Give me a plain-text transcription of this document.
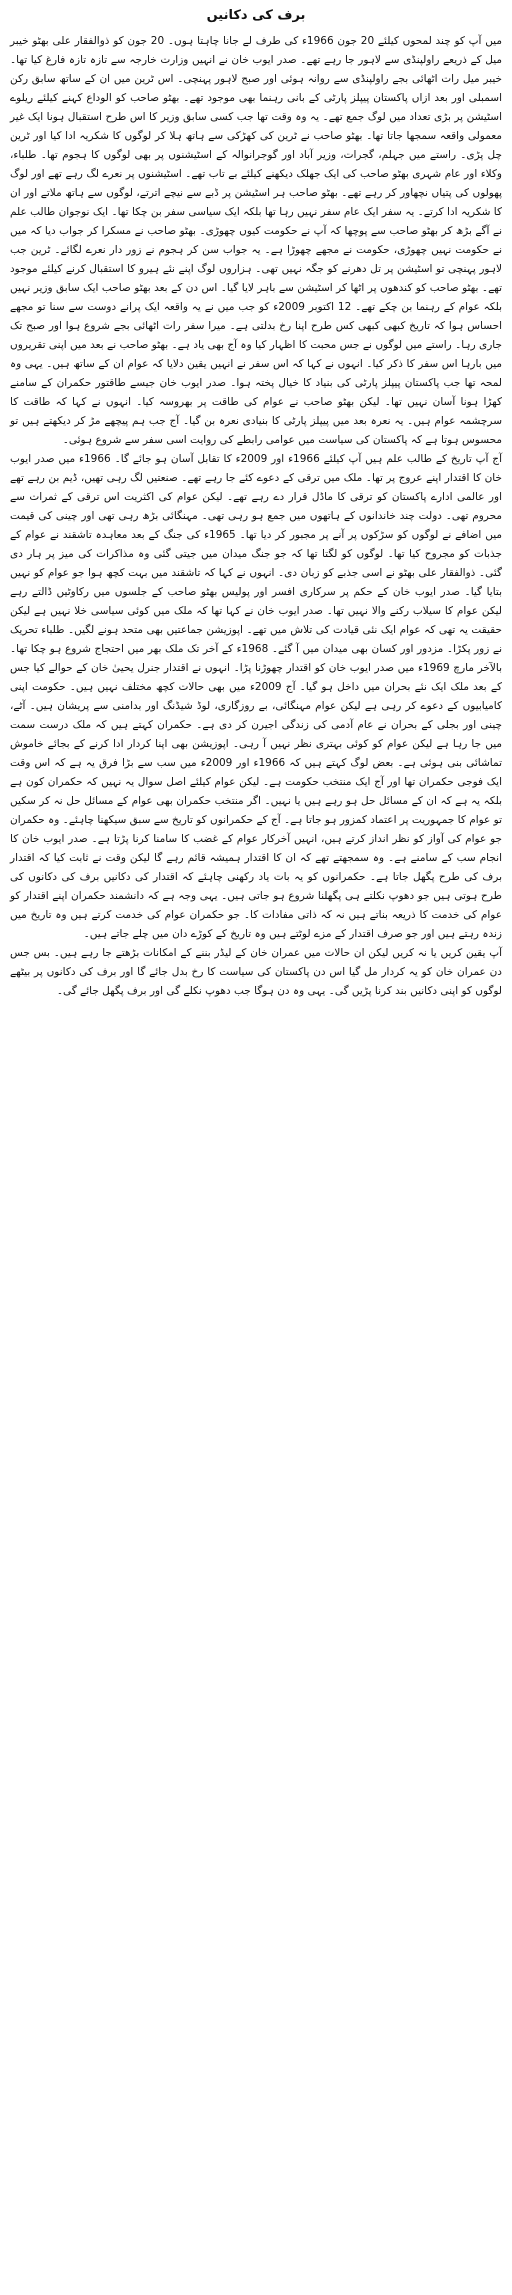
برف کی دکانیں

میں آپ کو چند لمحوں کیلئے 20 جون 1966ء کی طرف لے جانا چاہتا ہوں۔ 20 جون کو ذوالفقار علی بھٹو خیبر میل کے ذریعے راولپنڈی سے لاہور جا رہے تھے۔ صدر ایوب خان نے انہیں وزارت خارجہ سے تازہ تازہ فارغ کیا تھا۔ خیبر میل رات اٹھائی بجے راولپنڈی سے روانہ ہوئی اور صبح لاہور پہنچی۔ اس ٹرین میں ان کے ساتھ سابق رکن اسمبلی اور بعد ازاں پاکستان پیپلز پارٹی کے بانی رہنما بھی موجود تھے۔ بھٹو صاحب کو الوداع کہنے کیلئے ریلوے اسٹیشن پر بڑی تعداد میں لوگ جمع تھے۔ یہ وہ وقت تھا جب کسی سابق وزیر کا اس طرح استقبال ہونا ایک غیر معمولی واقعہ سمجھا جاتا تھا۔ بھٹو صاحب نے ٹرین کی کھڑکی سے ہاتھ ہلا کر لوگوں کا شکریہ ادا کیا اور ٹرین چل پڑی۔ راستے میں جہلم، گجرات، وزیر آباد اور گوجرانوالہ کے اسٹیشنوں پر بھی لوگوں کا ہجوم تھا۔ طلباء، وکلاء اور عام شہری بھٹو صاحب کی ایک جھلک دیکھنے کیلئے بے تاب تھے۔ اسٹیشنوں پر نعرے لگ رہے تھے اور لوگ پھولوں کی پتیاں نچھاور کر رہے تھے۔ بھٹو صاحب ہر اسٹیشن پر ڈبے سے نیچے اترتے، لوگوں سے ہاتھ ملاتے اور ان کا شکریہ ادا کرتے۔ یہ سفر ایک عام سفر نہیں رہا تھا بلکہ ایک سیاسی سفر بن چکا تھا۔ ایک نوجوان طالب علم نے آگے بڑھ کر بھٹو صاحب سے پوچھا کہ آپ نے حکومت کیوں چھوڑی۔ بھٹو صاحب نے مسکرا کر جواب دیا کہ میں نے حکومت نہیں چھوڑی، حکومت نے مجھے چھوڑا ہے۔ یہ جواب سن کر ہجوم نے زور دار نعرے لگائے۔ ٹرین جب لاہور پہنچی تو اسٹیشن پر تل دھرنے کو جگہ نہیں تھی۔ ہزاروں لوگ اپنے نئے ہیرو کا استقبال کرنے کیلئے موجود تھے۔ بھٹو صاحب کو کندھوں پر اٹھا کر اسٹیشن سے باہر لایا گیا۔ اس دن کے بعد بھٹو صاحب ایک سابق وزیر نہیں بلکہ عوام کے رہنما بن چکے تھے۔ 12 اکتوبر 2009ء کو جب میں نے یہ واقعہ ایک پرانے دوست سے سنا تو مجھے احساس ہوا کہ تاریخ کبھی کبھی کس طرح اپنا رخ بدلتی ہے۔ میرا سفر رات اٹھائی بجے شروع ہوا اور صبح تک جاری رہا۔ راستے میں لوگوں نے جس محبت کا اظہار کیا وہ آج بھی یاد ہے۔ بھٹو صاحب نے بعد میں اپنی تقریروں میں بارہا اس سفر کا ذکر کیا۔ انہوں نے کہا کہ اس سفر نے انہیں یقین دلایا کہ عوام ان کے ساتھ ہیں۔ یہی وہ لمحہ تھا جب پاکستان پیپلز پارٹی کی بنیاد کا خیال پختہ ہوا۔ صدر ایوب خان جیسے طاقتور حکمران کے سامنے کھڑا ہونا آسان نہیں تھا۔ لیکن بھٹو صاحب نے عوام کی طاقت پر بھروسہ کیا۔ انہوں نے کہا کہ طاقت کا سرچشمہ عوام ہیں۔ یہ نعرہ بعد میں پیپلز پارٹی کا بنیادی نعرہ بن گیا۔ آج جب ہم پیچھے مڑ کر دیکھتے ہیں تو محسوس ہوتا ہے کہ پاکستان کی سیاست میں عوامی رابطے کی روایت اسی سفر سے شروع ہوئی۔

آج آپ تاریخ کے طالب علم ہیں آپ کیلئے 1966ء اور 2009ء کا تقابل آسان ہو جائے گا۔ 1966ء میں صدر ایوب خان کا اقتدار اپنے عروج پر تھا۔ ملک میں ترقی کے دعوے کئے جا رہے تھے۔ صنعتیں لگ رہی تھیں، ڈیم بن رہے تھے اور عالمی ادارے پاکستان کو ترقی کا ماڈل قرار دے رہے تھے۔ لیکن عوام کی اکثریت اس ترقی کے ثمرات سے محروم تھی۔ دولت چند خاندانوں کے ہاتھوں میں جمع ہو رہی تھی۔ مہنگائی بڑھ رہی تھی اور چینی کی قیمت میں اضافے نے لوگوں کو سڑکوں پر آنے پر مجبور کر دیا تھا۔ 1965ء کی جنگ کے بعد معاہدہ تاشقند نے عوام کے جذبات کو مجروح کیا تھا۔ لوگوں کو لگتا تھا کہ جو جنگ میدان میں جیتی گئی وہ مذاکرات کی میز پر ہار دی گئی۔ ذوالفقار علی بھٹو نے اسی جذبے کو زبان دی۔ انہوں نے کہا کہ تاشقند میں بہت کچھ ہوا جو عوام کو نہیں بتایا گیا۔ صدر ایوب خان کے حکم پر سرکاری افسر اور پولیس بھٹو صاحب کے جلسوں میں رکاوٹیں ڈالتے رہے لیکن عوام کا سیلاب رکنے والا نہیں تھا۔ صدر ایوب خان نے کہا تھا کہ ملک میں کوئی سیاسی خلا نہیں ہے لیکن حقیقت یہ تھی کہ عوام ایک نئی قیادت کی تلاش میں تھے۔ اپوزیشن جماعتیں بھی متحد ہونے لگیں۔ طلباء تحریک نے زور پکڑا۔ مزدور اور کسان بھی میدان میں آ گئے۔ 1968ء کے آخر تک ملک بھر میں احتجاج شروع ہو چکا تھا۔ بالآخر مارچ 1969ء میں صدر ایوب خان کو اقتدار چھوڑنا پڑا۔ انہوں نے اقتدار جنرل یحییٰ خان کے حوالے کیا جس کے بعد ملک ایک نئے بحران میں داخل ہو گیا۔ آج 2009ء میں بھی حالات کچھ مختلف نہیں ہیں۔ حکومت اپنی کامیابیوں کے دعوے کر رہی ہے لیکن عوام مہنگائی، بے روزگاری، لوڈ شیڈنگ اور بدامنی سے پریشان ہیں۔ آٹے، چینی اور بجلی کے بحران نے عام آدمی کی زندگی اجیرن کر دی ہے۔ حکمران کہتے ہیں کہ ملک درست سمت میں جا رہا ہے لیکن عوام کو کوئی بہتری نظر نہیں آ رہی۔ اپوزیشن بھی اپنا کردار ادا کرنے کے بجائے خاموش تماشائی بنی ہوئی ہے۔ بعض لوگ کہتے ہیں کہ 1966ء اور 2009ء میں سب سے بڑا فرق یہ ہے کہ اس وقت ایک فوجی حکمران تھا اور آج ایک منتخب حکومت ہے۔ لیکن عوام کیلئے اصل سوال یہ نہیں کہ حکمران کون ہے بلکہ یہ ہے کہ ان کے مسائل حل ہو رہے ہیں یا نہیں۔ اگر منتخب حکمران بھی عوام کے مسائل حل نہ کر سکیں تو عوام کا جمہوریت پر اعتماد کمزور ہو جاتا ہے۔ آج کے حکمرانوں کو تاریخ سے سبق سیکھنا چاہئے۔ وہ حکمران جو عوام کی آواز کو نظر انداز کرتے ہیں، انہیں آخرکار عوام کے غضب کا سامنا کرنا پڑتا ہے۔ صدر ایوب خان کا انجام سب کے سامنے ہے۔ وہ سمجھتے تھے کہ ان کا اقتدار ہمیشہ قائم رہے گا لیکن وقت نے ثابت کیا کہ اقتدار برف کی طرح پگھل جاتا ہے۔ حکمرانوں کو یہ بات یاد رکھنی چاہئے کہ اقتدار کی دکانیں برف کی دکانوں کی طرح ہوتی ہیں جو دھوپ نکلتے ہی پگھلنا شروع ہو جاتی ہیں۔ یہی وجہ ہے کہ دانشمند حکمران اپنے اقتدار کو عوام کی خدمت کا ذریعہ بناتے ہیں نہ کہ ذاتی مفادات کا۔ جو حکمران عوام کی خدمت کرتے ہیں وہ تاریخ میں زندہ رہتے ہیں اور جو صرف اقتدار کے مزے لوٹتے ہیں وہ تاریخ کے کوڑے دان میں چلے جاتے ہیں۔

آپ یقین کریں یا نہ کریں لیکن ان حالات میں عمران خان کے لیڈر بننے کے امکانات بڑھتے جا رہے ہیں۔ بس جس دن عمران خان کو یہ کردار مل گیا اس دن پاکستان کی سیاست کا رخ بدل جائے گا اور برف کی دکانوں پر بیٹھے لوگوں کو اپنی دکانیں بند کرنا پڑیں گی۔ یہی وہ دن ہوگا جب دھوپ نکلے گی اور برف پگھل جائے گی۔
